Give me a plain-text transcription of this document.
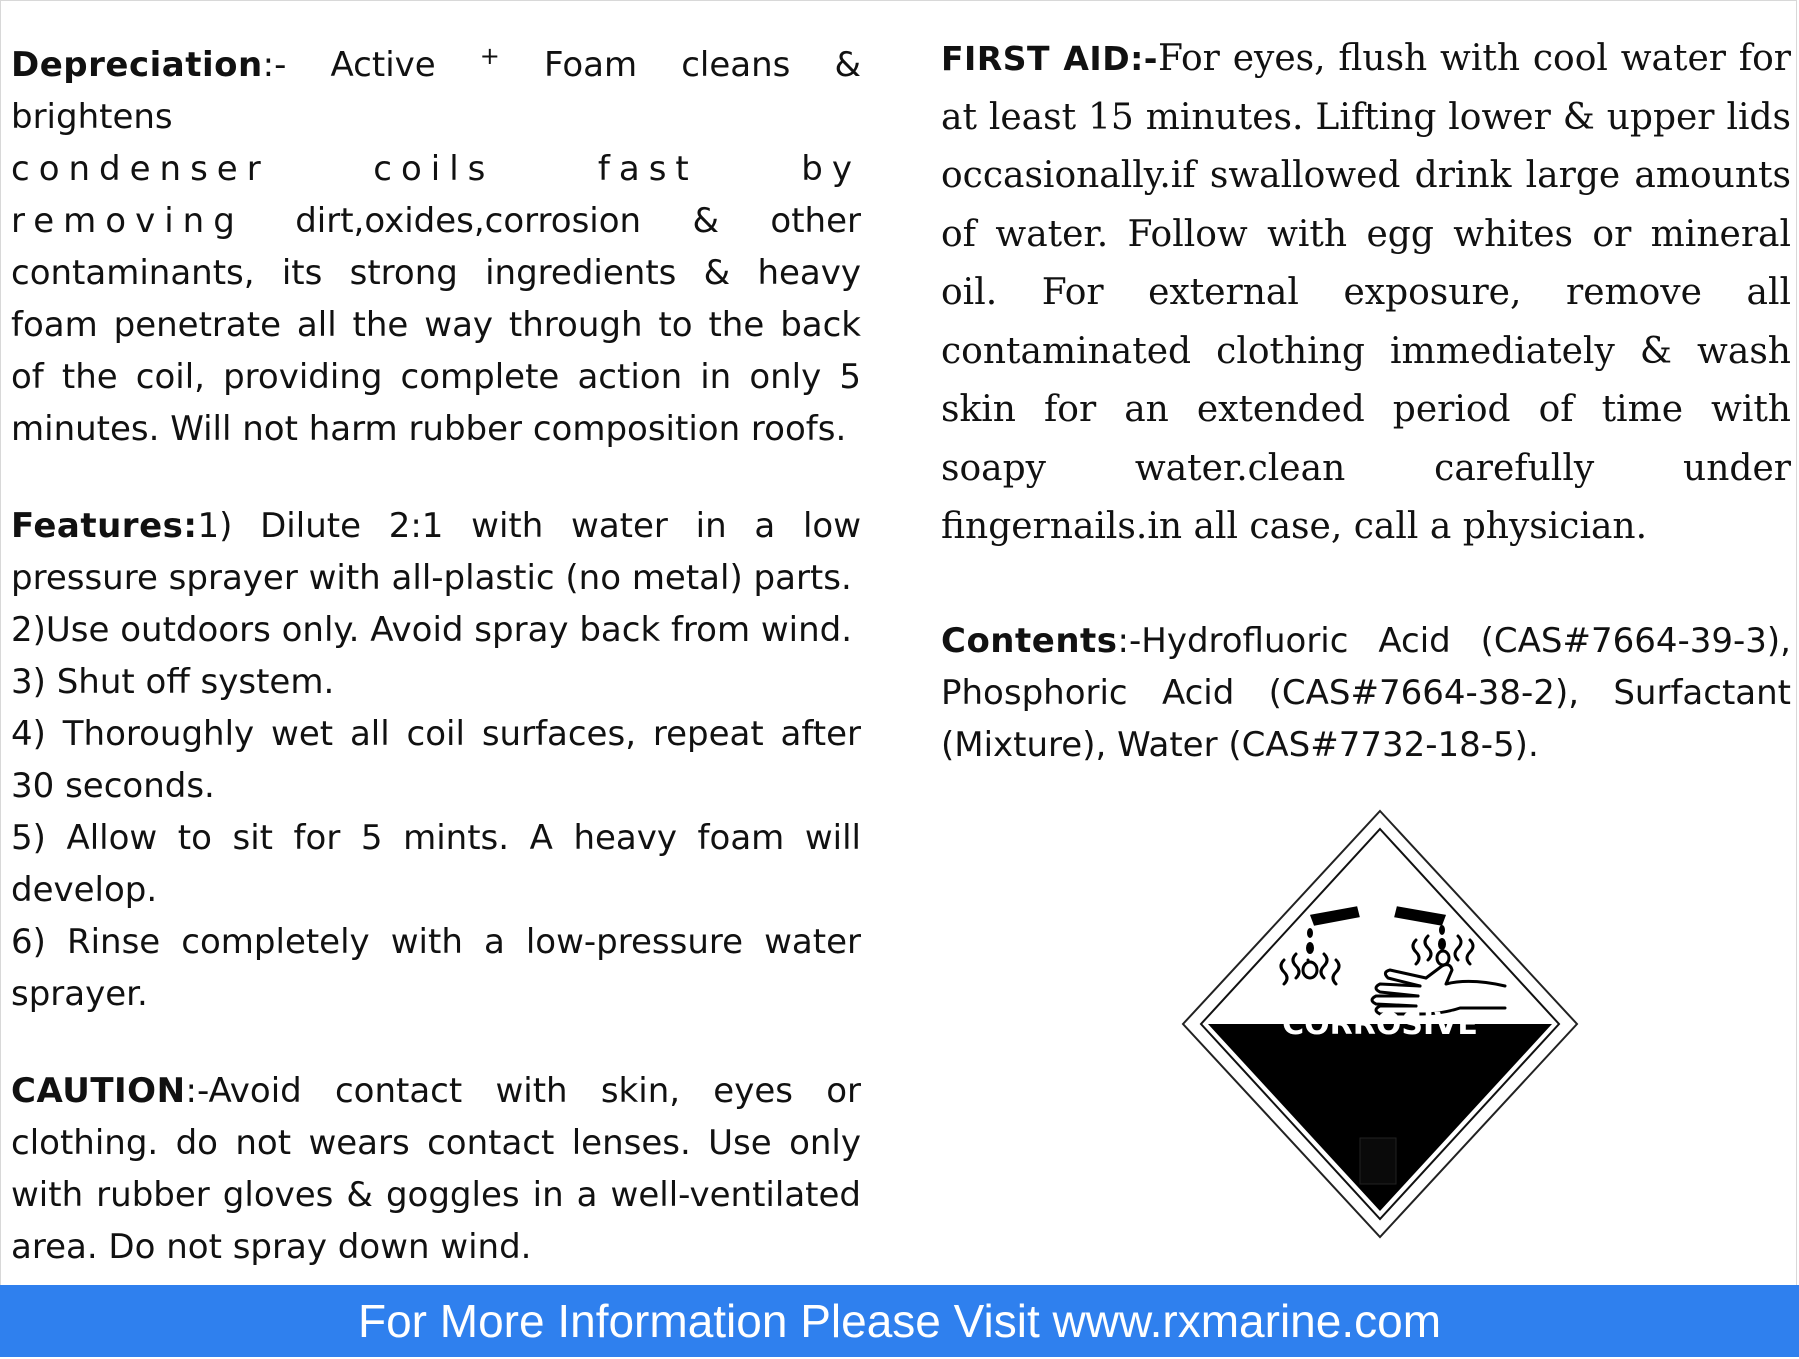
Depreciation:- Active + Foam cleans & brightens
condenser coils fast by removing dirt,oxides,corrosion & other contaminants, its strong ingredients & heavy foam penetrate all the way through to the back of the coil, providing complete action in only 5 minutes. Will not harm rubber composition roofs.
Features:1) Dilute 2:1 with water in a low pressure sprayer with all-plastic (no metal) parts.
2)Use outdoors only. Avoid spray back from wind.
3) Shut off system.
4) Thoroughly wet all coil surfaces, repeat after 30 seconds.
5) Allow to sit for 5 mints. A heavy foam will develop.
6) Rinse completely with a low-pressure water sprayer.
CAUTION:-Avoid contact with skin, eyes or clothing. do not wears contact lenses. Use only with rubber gloves & goggles in a well-ventilated area. Do not spray down wind.
FIRST AID:-For eyes, flush with cool water for at least 15 minutes. Lifting lower & upper lids occasionally.if swallowed drink large amounts of water. Follow with egg whites or mineral oil. For external exposure, remove all contaminated clothing immediately & wash skin for an extended period of time with soapy water.clean carefully under fingernails.in all case, call a physician.
Contents:-Hydrofluoric Acid (CAS#7664-39-3), Phosphoric Acid (CAS#7664-38-2), Surfactant (Mixture), Water (CAS#7732-18-5).
CORROSIVE
For More Information Please Visit www.rxmarine.com
